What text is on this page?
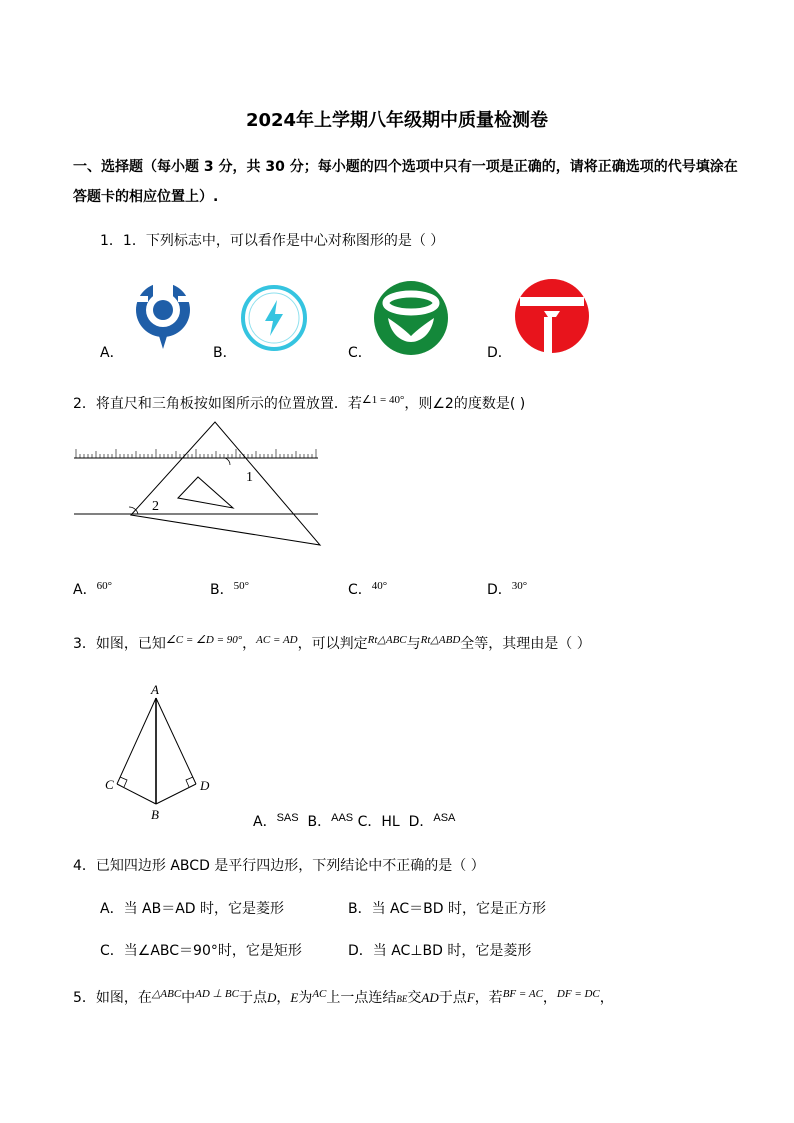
2024年上学期八年级期中质量检测卷
一、选择题（每小题 3 分，共 30 分；每小题的四个选项中只有一项是正确的，请将正确选项的代号填涂在
答题卡的相应位置上）.
1．1．下列标志中，可以看作是中心对称图形的是（ ）
A．	B．	C．	D．
2．将直尺和三角板按如图所示的位置放置．若$^{\angle 1 = 40^\circ}$，则∠2的度数是( )
1
2
A．$^{60^\circ}$	B．$^{50^\circ}$	C．$^{40^\circ}$	D．$^{30^\circ}$
3．如图，已知$^{\angle C = \angle D = 90^\circ}$，$^{AC = AD}$，可以判定$^{Rt\triangle ABC}$与$^{Rt\triangle ABD}$全等，其理由是（ ）
A
B
C	D
A．$^{SAS}$ B．$^{AAS}$ C．HL D．$^{ASA}$
4．已知四边形 ABCD 是平行四边形，下列结论中不正确的是（ ）
A．当 AB＝AD 时，它是菱形	B．当 AC＝BD 时，它是正方形
C．当∠ABC＝90°时，它是矩形	D．当 AC⊥BD 时，它是菱形
5．如图，在$^{\triangle ABC}$中$^{AD \perp BC}$于点D，E为$^{AC}$上一点连结BE交AD于点F，若$^{BF = AC}$，$^{DF = DC}$，
